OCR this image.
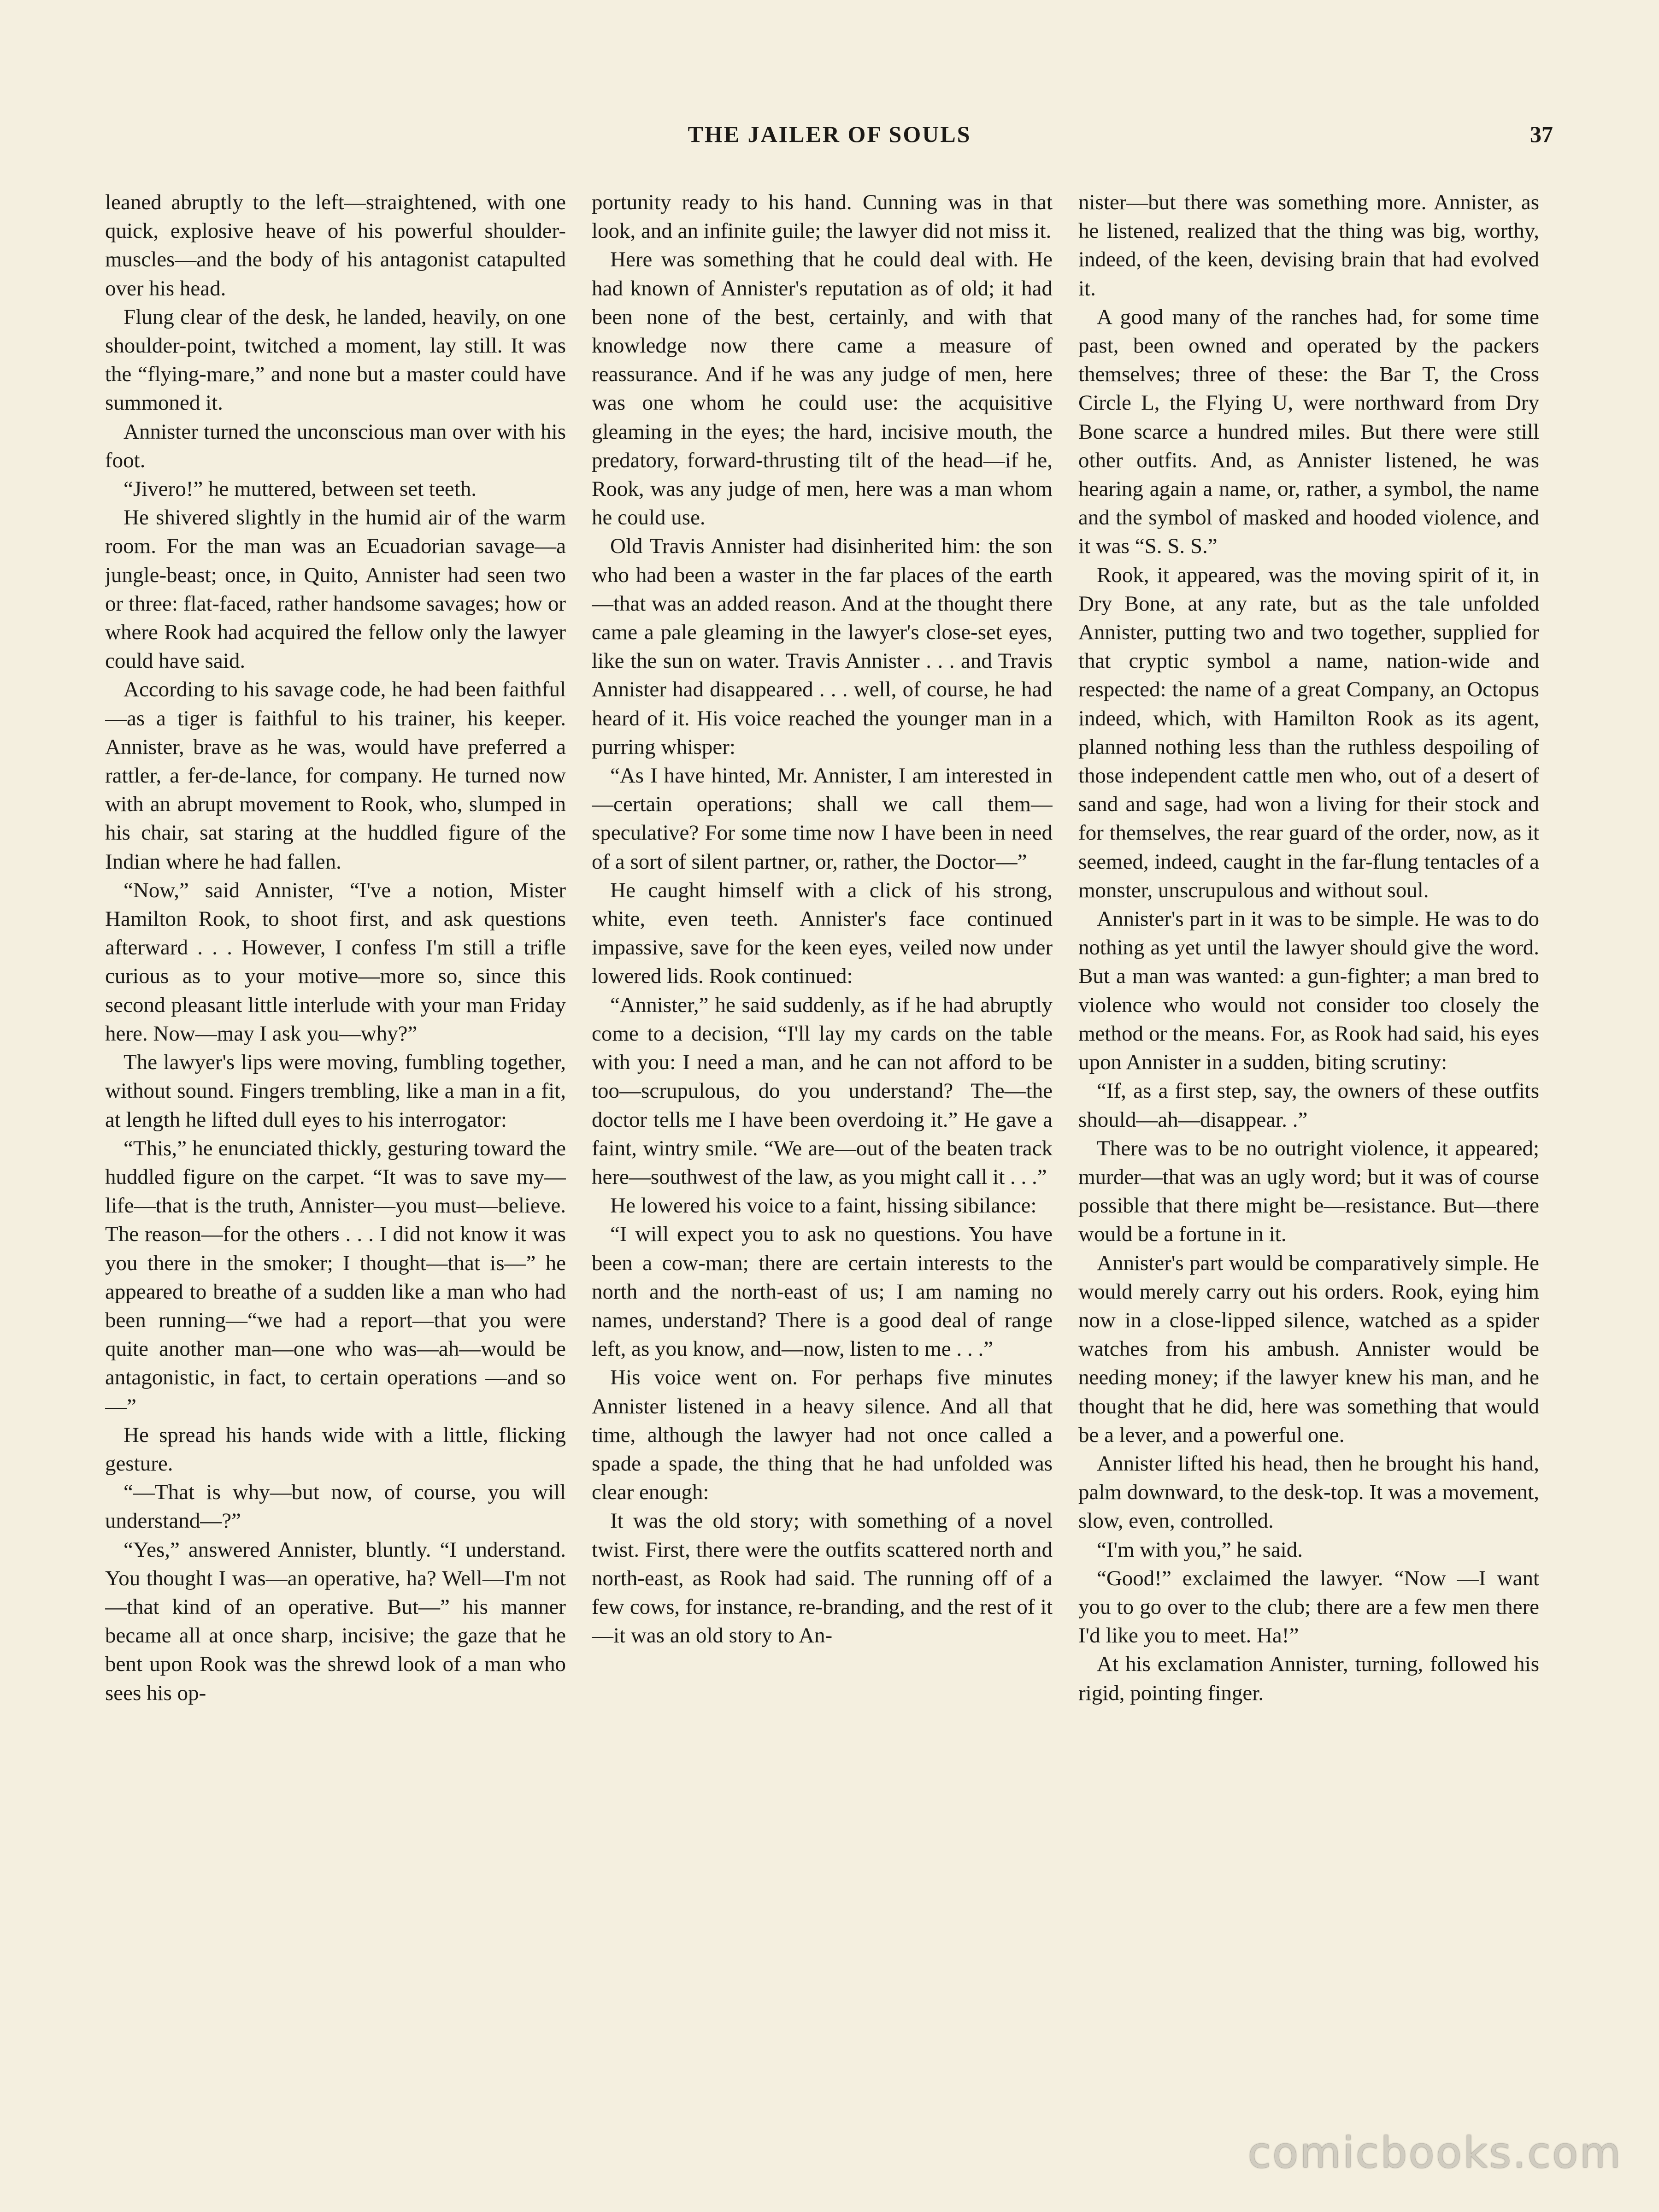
THE JAILER OF SOULS	37

leaned abruptly to the left—straightened, with one quick, explosive heave of his powerful shoulder-muscles—and the body of his antagonist catapulted over his head.

Flung clear of the desk, he landed, heavily, on one shoulder-point, twitched a moment, lay still. It was the “flying-mare,” and none but a master could have summoned it.

Annister turned the unconscious man over with his foot.

“Jivero!” he muttered, between set teeth.

He shivered slightly in the humid air of the warm room. For the man was an Ecuadorian savage—a jungle-beast; once, in Quito, Annister had seen two or three: flat-faced, rather handsome savages; how or where Rook had acquired the fellow only the lawyer could have said.

According to his savage code, he had been faithful—as a tiger is faithful to his trainer, his keeper. Annister, brave as he was, would have preferred a rattler, a fer-de-lance, for company. He turned now with an abrupt movement to Rook, who, slumped in his chair, sat staring at the huddled figure of the Indian where he had fallen.

“Now,” said Annister, “I've a notion, Mister Hamilton Rook, to shoot first, and ask questions afterward . . . However, I confess I'm still a trifle curious as to your motive—more so, since this second pleasant little interlude with your man Friday here. Now—may I ask you—why?”

The lawyer's lips were moving, fumbling together, without sound. Fingers trembling, like a man in a fit, at length he lifted dull eyes to his interrogator:

“This,” he enunciated thickly, gesturing toward the huddled figure on the carpet. “It was to save my—life—that is the truth, Annister—you must—believe. The reason—for the others . . . I did not know it was you there in the smoker; I thought—that is—” he appeared to breathe of a sudden like a man who had been running—“we had a report—that you were quite another man—one who was—ah—would be antagonistic, in fact, to certain operations —and so—”

He spread his hands wide with a little, flicking gesture.

“—That is why—but now, of course, you will understand—?”

“Yes,” answered Annister, bluntly. “I understand. You thought I was—an operative, ha? Well—I'm not—that kind of an operative. But—” his manner became all at once sharp, incisive; the gaze that he bent upon Rook was the shrewd look of a man who sees his op-

portunity ready to his hand. Cunning was in that look, and an infinite guile; the lawyer did not miss it.

Here was something that he could deal with. He had known of Annister's reputation as of old; it had been none of the best, certainly, and with that knowledge now there came a measure of reassurance. And if he was any judge of men, here was one whom he could use: the acquisitive gleaming in the eyes; the hard, incisive mouth, the predatory, forward-thrusting tilt of the head—if he, Rook, was any judge of men, here was a man whom he could use.

Old Travis Annister had disinherited him: the son who had been a waster in the far places of the earth—that was an added reason. And at the thought there came a pale gleaming in the lawyer's close-set eyes, like the sun on water. Travis Annister . . . and Travis Annister had disappeared . . . well, of course, he had heard of it. His voice reached the younger man in a purring whisper:

“As I have hinted, Mr. Annister, I am interested in—certain operations; shall we call them—speculative? For some time now I have been in need of a sort of silent partner, or, rather, the Doctor—”

He caught himself with a click of his strong, white, even teeth. Annister's face continued impassive, save for the keen eyes, veiled now under lowered lids. Rook continued:

“Annister,” he said suddenly, as if he had abruptly come to a decision, “I'll lay my cards on the table with you: I need a man, and he can not afford to be too—scrupulous, do you understand? The—the doctor tells me I have been overdoing it.” He gave a faint, wintry smile. “We are—out of the beaten track here—southwest of the law, as you might call it . . .”

He lowered his voice to a faint, hissing sibilance:

“I will expect you to ask no questions. You have been a cow-man; there are certain interests to the north and the north-east of us; I am naming no names, understand? There is a good deal of range left, as you know, and—now, listen to me . . .”

His voice went on. For perhaps five minutes Annister listened in a heavy silence. And all that time, although the lawyer had not once called a spade a spade, the thing that he had unfolded was clear enough:

It was the old story; with something of a novel twist. First, there were the outfits scattered north and north-east, as Rook had said. The running off of a few cows, for instance, re-branding, and the rest of it—it was an old story to An-

nister—but there was something more. Annister, as he listened, realized that the thing was big, worthy, indeed, of the keen, devising brain that had evolved it.

A good many of the ranches had, for some time past, been owned and operated by the packers themselves; three of these: the Bar T, the Cross Circle L, the Flying U, were northward from Dry Bone scarce a hundred miles. But there were still other outfits. And, as Annister listened, he was hearing again a name, or, rather, a symbol, the name and the symbol of masked and hooded violence, and it was “S. S. S.”

Rook, it appeared, was the moving spirit of it, in Dry Bone, at any rate, but as the tale unfolded Annister, putting two and two together, supplied for that cryptic symbol a name, nation-wide and respected: the name of a great Company, an Octopus indeed, which, with Hamilton Rook as its agent, planned nothing less than the ruthless despoiling of those independent cattle men who, out of a desert of sand and sage, had won a living for their stock and for themselves, the rear guard of the order, now, as it seemed, indeed, caught in the far-flung tentacles of a monster, unscrupulous and without soul.

Annister's part in it was to be simple. He was to do nothing as yet until the lawyer should give the word. But a man was wanted: a gun-fighter; a man bred to violence who would not consider too closely the method or the means. For, as Rook had said, his eyes upon Annister in a sudden, biting scrutiny:

“If, as a first step, say, the owners of these outfits should—ah—disappear. .”

There was to be no outright violence, it appeared; murder—that was an ugly word; but it was of course possible that there might be—resistance. But—there would be a fortune in it.

Annister's part would be comparatively simple. He would merely carry out his orders. Rook, eying him now in a close-lipped silence, watched as a spider watches from his ambush. Annister would be needing money; if the lawyer knew his man, and he thought that he did, here was something that would be a lever, and a powerful one.

Annister lifted his head, then he brought his hand, palm downward, to the desk-top. It was a movement, slow, even, controlled.

“I'm with you,” he said.

“Good!” exclaimed the lawyer. “Now —I want you to go over to the club; there are a few men there I'd like you to meet. Ha!”

At his exclamation Annister, turning, followed his rigid, pointing finger.

comicbooks.com
